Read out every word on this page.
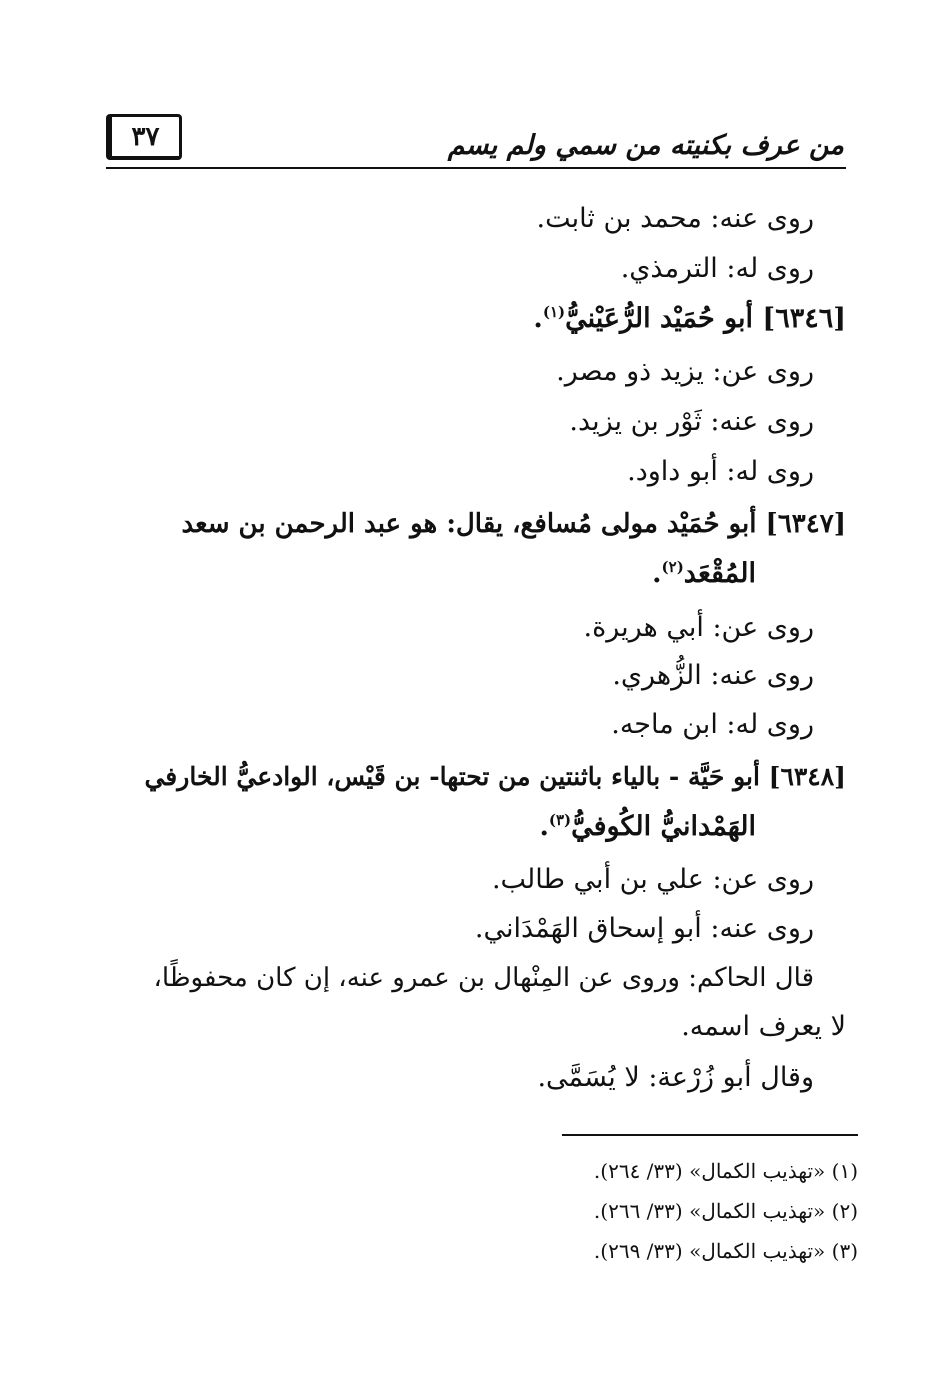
من عرف بكنيته من سمي ولم يسم
٣٧
روى عنه: محمد بن ثابت.
روى له: الترمذي.
[٦٣٤٦] أبو حُمَيْد الرُّعَيْنيُّ$^{(١)}$.
روى عن: يزيد ذو مصر.
روى عنه: ثَوْر بن يزيد.
روى له: أبو داود.
[٦٣٤٧] أبو حُمَيْد مولى مُسافع، يقال: هو عبد الرحمن بن سعد
المُقْعَد$^{(٢)}$.
روى عن: أبي هريرة.
روى عنه: الزُّهري.
روى له: ابن ماجه.
[٦٣٤٨] أبو حَيَّة - بالياء باثنتين من تحتها- بن قَيْس، الوادعيُّ الخارفي
الهَمْدانيُّ الكُوفيُّ$^{(٣)}$.
روى عن: علي بن أبي طالب.
روى عنه: أبو إسحاق الهَمْدَاني.
قال الحاكم: وروى عن المِنْهال بن عمرو عنه، إن كان محفوظًا،
لا يعرف اسمه.
وقال أبو زُرْعة: لا يُسَمَّى.
(١) «تهذيب الكمال» (٣٣/ ٢٦٤).
(٢) «تهذيب الكمال» (٣٣/ ٢٦٦).
(٣) «تهذيب الكمال» (٣٣/ ٢٦٩).
